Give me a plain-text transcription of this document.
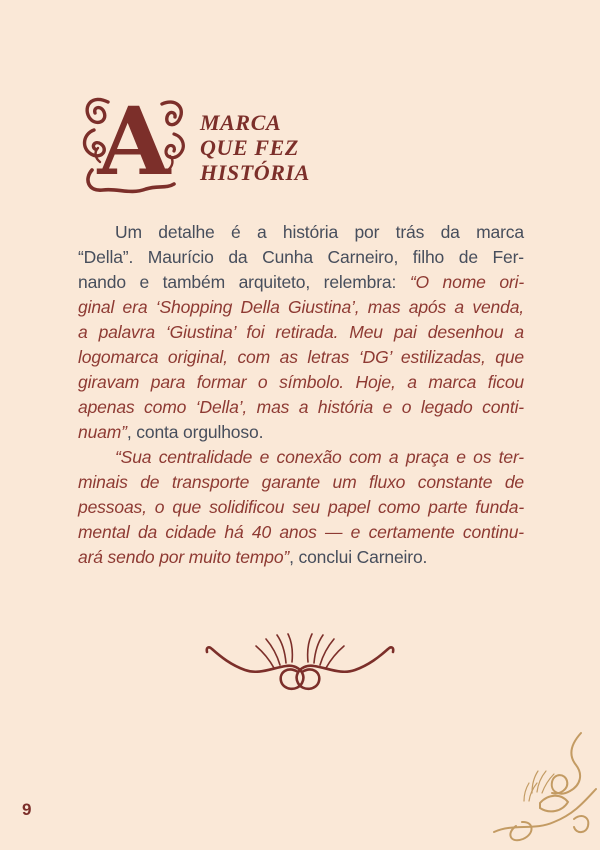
A MARCA
QUE FEZ
HISTÓRIA
Um detalhe é a história por trás da marca
“Della”. Maurício da Cunha Carneiro, filho de Fer-
nando e também arquiteto, relembra: “O nome ori-
ginal era ‘Shopping Della Giustina’, mas após a venda,
a palavra ‘Giustina’ foi retirada. Meu pai desenhou a
logomarca original, com as letras ‘DG’ estilizadas, que
giravam para formar o símbolo. Hoje, a marca ficou
apenas como ‘Della’, mas a história e o legado conti-
nuam”, conta orgulhoso.
“Sua centralidade e conexão com a praça e os ter-
minais de transporte garante um fluxo constante de
pessoas, o que solidificou seu papel como parte funda-
mental da cidade há 40 anos — e certamente continu-
ará sendo por muito tempo”, conclui Carneiro.
9
